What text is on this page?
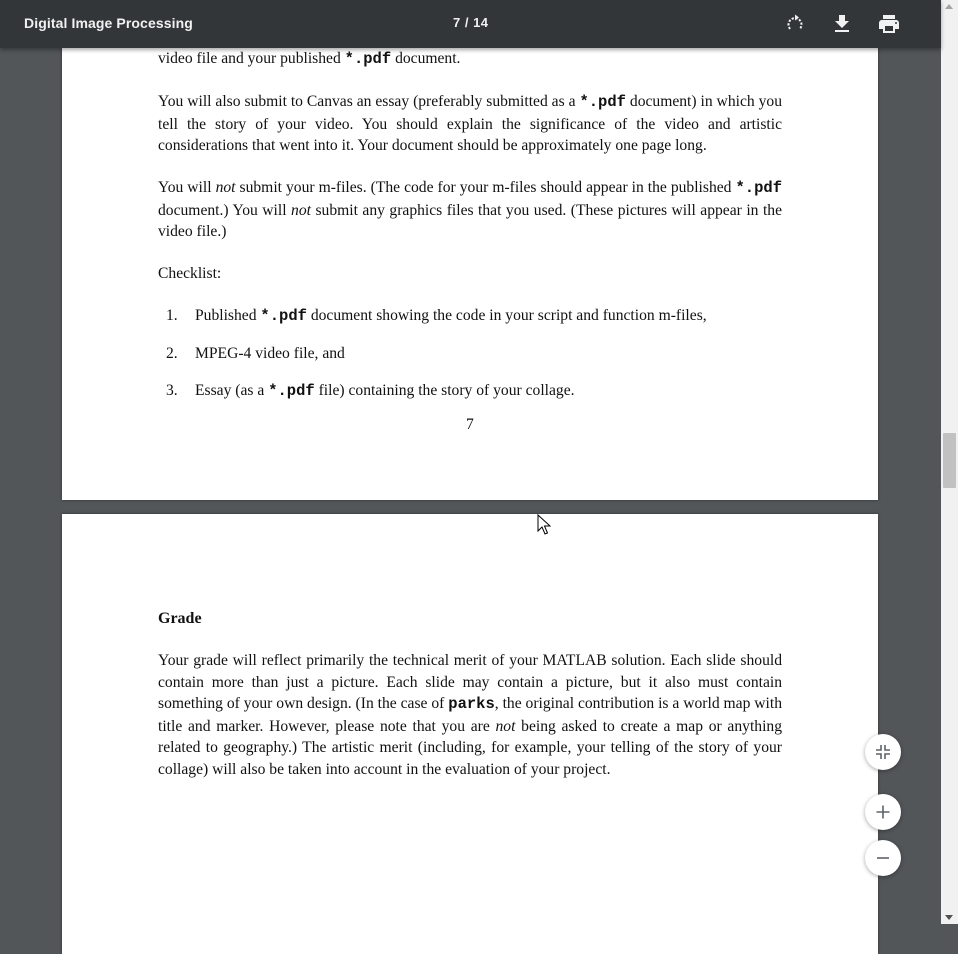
Digital Image Processing	7 / 14

video file and your published *.pdf document.

You will also submit to Canvas an essay (preferably submitted as a *.pdf document) in which you tell the story of your video. You should explain the significance of the video and artistic considerations that went into it. Your document should be approximately one page long.

You will not submit your m-files. (The code for your m-files should appear in the published *.pdf document.) You will not submit any graphics files that you used. (These pictures will appear in the video file.)

Checklist:

1. Published *.pdf document showing the code in your script and function m-files,
2. MPEG-4 video file, and
3. Essay (as a *.pdf file) containing the story of your collage.
7
Grade

Your grade will reflect primarily the technical merit of your MATLAB solution. Each slide should contain more than just a picture. Each slide may contain a picture, but it also must contain something of your own design. (In the case of parks, the original contribution is a world map with title and marker. However, please note that you are not being asked to create a map or anything related to geography.) The artistic merit (including, for example, your telling of the story of your collage) will also be taken into account in the evaluation of your project.
